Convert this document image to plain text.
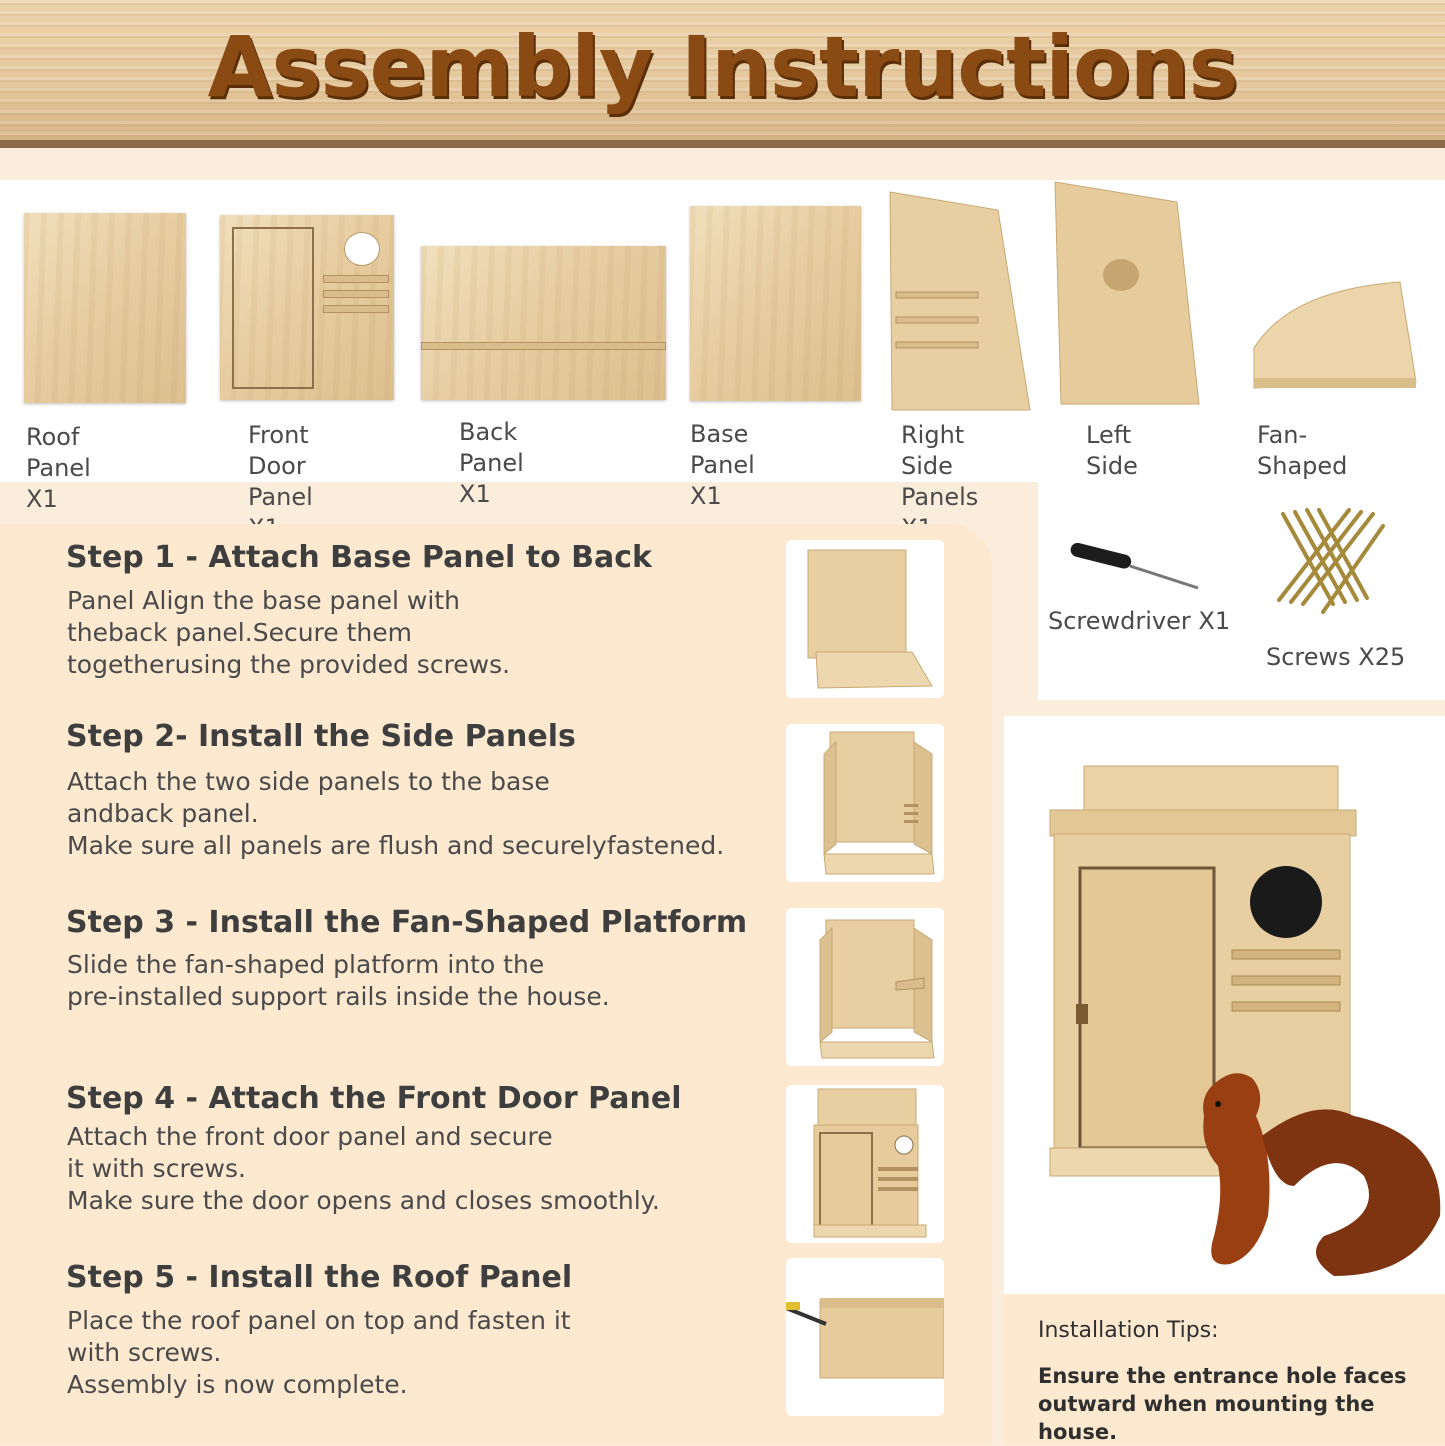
Assembly Instructions
Roof Panel X1
Front Door
Panel
Back Panel X1
Base Panel X1
Right Side
Panels
Left Side

Fan-Shaped

Screwdriver X1
Screws X25
Step 1 - Attach Base Panel to Back
Panel Align the base panel with
theback panel.Secure them
togetherusing the provided screws.
Step 2- Install the Side Panels
Attach the two side panels to the base
andback panel.
Make sure all panels are flush and securelyfastened.
Step 3 - Install the Fan-Shaped Platform
Slide the fan-shaped platform into the
pre-installed support rails inside the house.
Step 4 - Attach the Front Door Panel
Attach the front door panel and secure
it with screws.
Make sure the door opens and closes smoothly.
Step 5 - Install the Roof Panel
Place the roof panel on top and fasten it
with screws.
Assembly is now complete.
Installation Tips:
Ensure the entrance hole faces
outward when mounting the house.
